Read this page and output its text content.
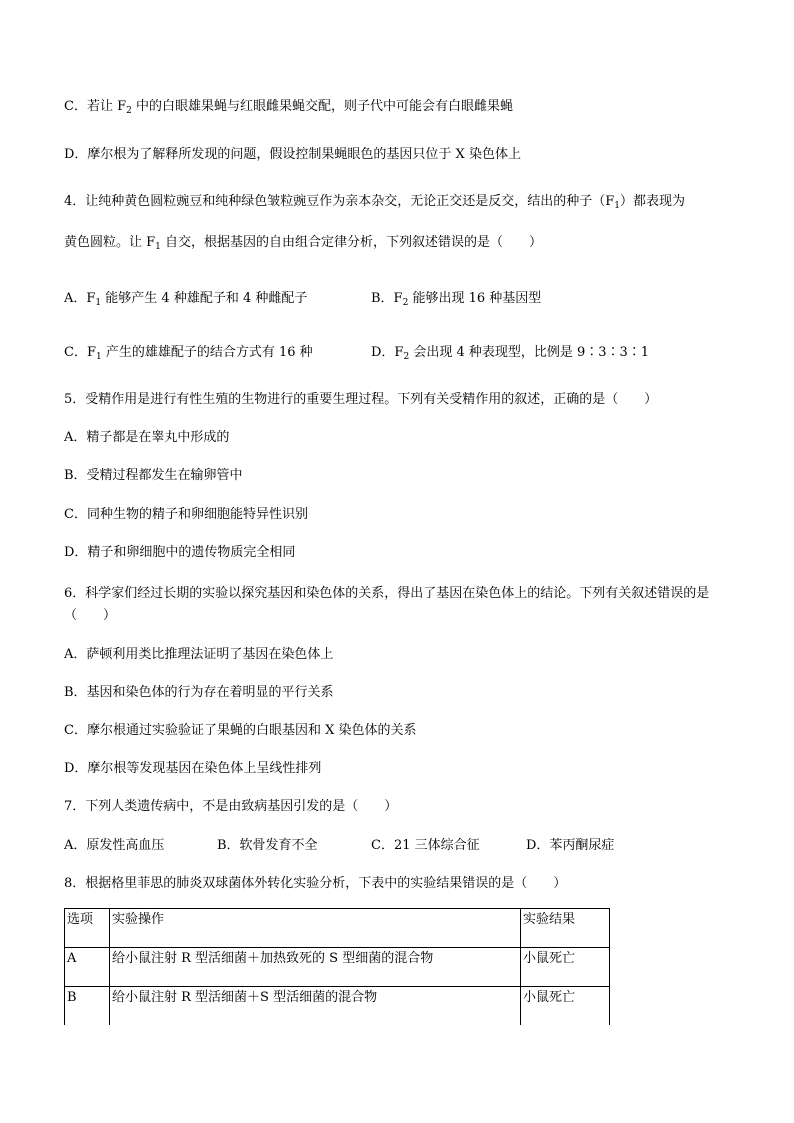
C．若让 $F_2$ 中的白眼雄果蝇与红眼雌果蝇交配，则子代中可能会有白眼雌果蝇
D．摩尔根为了解释所发现的问题，假设控制果蝇眼色的基因只位于 X 染色体上
4．让纯种黄色圆粒豌豆和纯种绿色皱粒豌豆作为亲本杂交，无论正交还是反交，结出的种子$(F_1)$都表现为
黄色圆粒。让 $F_1$ 自交，根据基因的自由组合定律分析，下列叙述错误的是（　　）
A．$F_1$ 能够产生 4 种雄配子和 4 种雌配子	B．$F_2$ 能够出现 16 种基因型
C．$F_1$ 产生的雄雄配子的结合方式有 16 种	D．$F_2$ 会出现 4 种表现型，比例是 9∶3∶3∶1
5．受精作用是进行有性生殖的生物进行的重要生理过程。下列有关受精作用的叙述，正确的是（　　）
A．精子都是在睾丸中形成的
B．受精过程都发生在输卵管中
C．同种生物的精子和卵细胞能特异性识别
D．精子和卵细胞中的遗传物质完全相同
6．科学家们经过长期的实验以探究基因和染色体的关系，得出了基因在染色体上的结论。下列有关叙述错误的是（　　）
A．萨顿利用类比推理法证明了基因在染色体上
B．基因和染色体的行为存在着明显的平行关系
C．摩尔根通过实验验证了果蝇的白眼基因和 X 染色体的关系
D．摩尔根等发现基因在染色体上呈线性排列
7．下列人类遗传病中，不是由致病基因引发的是（　　）
A．原发性高血压	B．软骨发育不全	C．21 三体综合征	D．苯丙酮尿症
8．根据格里菲思的肺炎双球菌体外转化实验分析，下表中的实验结果错误的是（　　）
选项	实验操作	实验结果
A	给小鼠注射 R 型活细菌＋加热致死的 S 型细菌的混合物	小鼠死亡
B	给小鼠注射 R 型活细菌＋S 型活细菌的混合物	小鼠死亡
